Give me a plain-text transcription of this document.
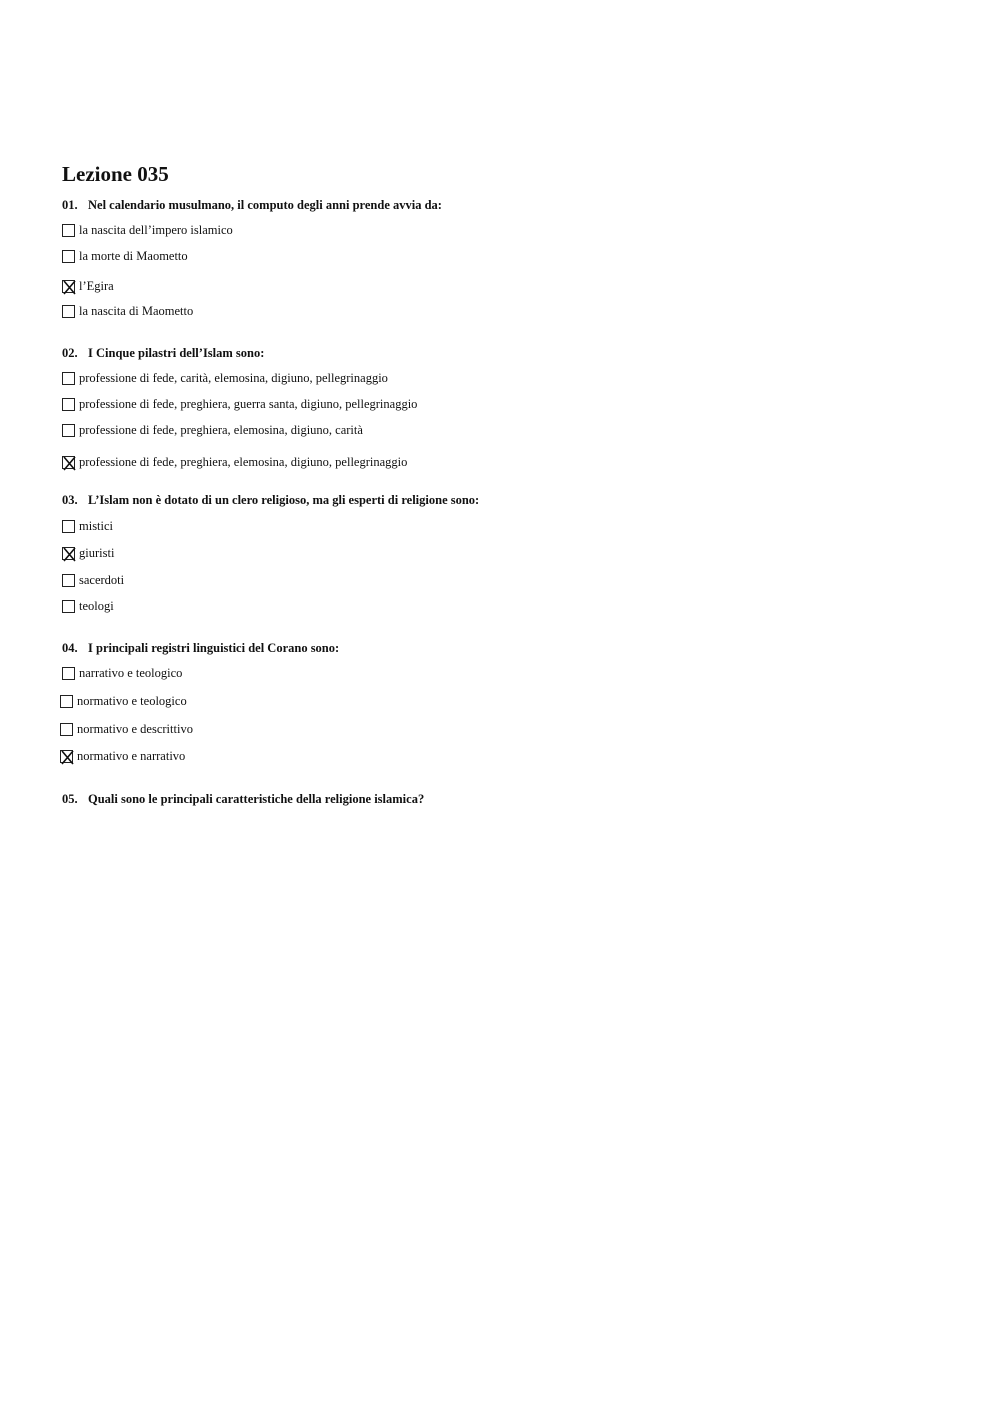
Lezione 035
01. Nel calendario musulmano, il computo degli anni prende avvia da:
la nascita dell’impero islamico
la morte di Maometto
l’Egira
la nascita di Maometto
02. I Cinque pilastri dell’Islam sono:
professione di fede, carità, elemosina, digiuno, pellegrinaggio
professione di fede, preghiera, guerra santa, digiuno, pellegrinaggio
professione di fede, preghiera, elemosina, digiuno, carità
professione di fede, preghiera, elemosina, digiuno, pellegrinaggio
03. L’Islam non è dotato di un clero religioso, ma gli esperti di religione sono:
mistici
giuristi
sacerdoti
teologi
04. I principali registri linguistici del Corano sono:
narrativo e teologico
normativo e teologico
normativo e descrittivo
normativo e narrativo
05. Quali sono le principali caratteristiche della religione islamica?
